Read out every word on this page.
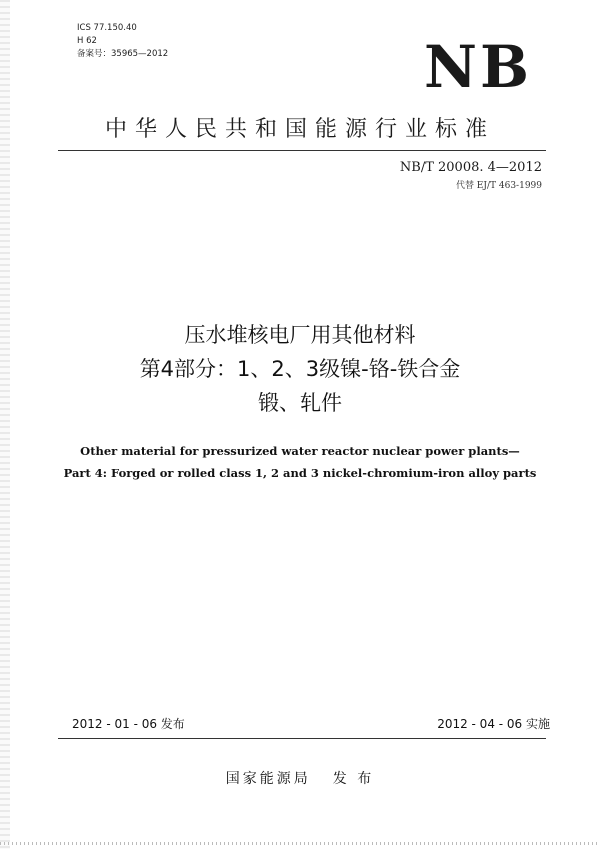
ICS 77.150.40
H 62
备案号：35965—2012	NB
中华人民共和国能源行业标准
NB/T 20008. 4—2012
代替 EJ/T 463-1999
压水堆核电厂用其他材料
第4部分：1、2、3级镍-铬-铁合金
锻、轧件
Other material for pressurized water reactor nuclear power plants—
Part 4: Forged or rolled class 1, 2 and 3 nickel-chromium-iron alloy parts
2012 - 01 - 06 发布	2012 - 04 - 06 实施
国家能源局 发 布
